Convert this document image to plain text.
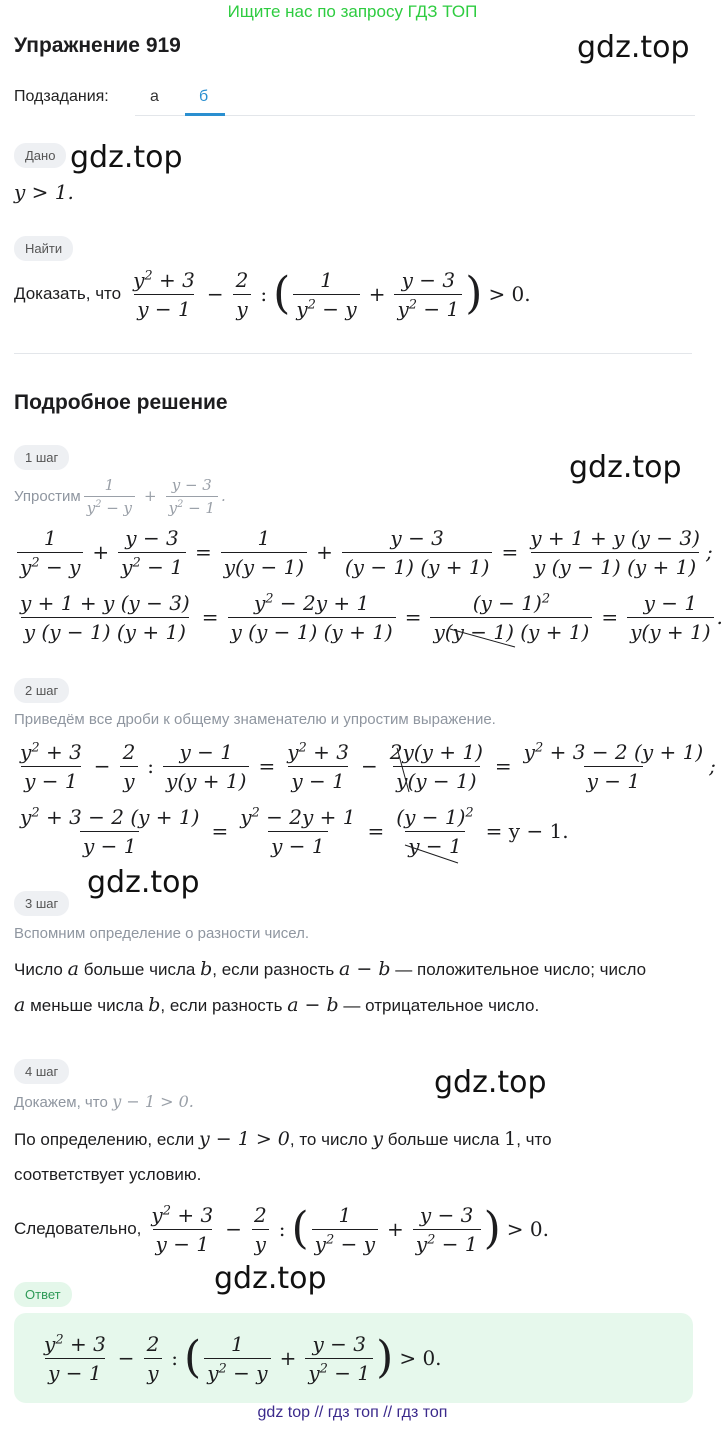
Ищите нас по запросу ГДЗ ТОП
Упражнение 919	gdz.top
Подзадания:	а	б
Дано gdz.top
y > 1.
Найти
Доказать, что $\frac{y^2 + 3}{y - 1} - \frac{2}{y}$ : ( $\frac{1}{y^2 - y} + \frac{y - 3}{y^2 - 1}$ ) > 0.
Подробное решение
1 шаг	gdz.top
Упростим $\frac{1}{y^2 - y} + \frac{y - 3}{y^2 - 1}$ .
$\frac{1}{y^2 - y} + \frac{y - 3}{y^2 - 1} = \frac{1}{y(y - 1)} + \frac{y - 3}{(y - 1) (y + 1)} = \frac{y + 1 + y (y - 3)}{y (y - 1) (y + 1)}$ ;
$\frac{y + 1 + y (y - 3)}{y (y - 1) (y + 1)} = \frac{y^2 - 2y + 1}{y (y - 1) (y + 1)} = \frac{(y - 1)^2}{y(y - 1) (y + 1)} = \frac{y - 1}{y(y + 1)}$ .
2 шаг
Приведём все дроби к общему знаменателю и упростим выражение.
$\frac{y^2 + 3}{y - 1} - \frac{2}{y}$ : $\frac{y - 1}{y(y + 1)} = \frac{y^2 + 3}{y - 1} - \frac{2y(y + 1)}{y(y - 1)} = \frac{y^2 + 3 - 2 (y + 1)}{y - 1}$ ;
$\frac{y^2 + 3 - 2 (y + 1)}{y - 1} = \frac{y^2 - 2y + 1}{y - 1} = \frac{(y - 1)^2}{y - 1} = y - 1$.
gdz.top
3 шаг
Вспомним определение о разности чисел.
Число a больше числа b, если разность a − b — положительное число; число
a меньше числа b, если разность a − b — отрицательное число.
4 шаг	gdz.top
Докажем, что y − 1 > 0.
По определению, если y − 1 > 0, то число y больше числа 1, что
соответствует условию.
Следовательно, $\frac{y^2 + 3}{y - 1} - \frac{2}{y}$ : ( $\frac{1}{y^2 - y} + \frac{y - 3}{y^2 - 1}$ ) > 0.
gdz.top
Ответ
$\frac{y^2 + 3}{y - 1} - \frac{2}{y}$ : ( $\frac{1}{y^2 - y} + \frac{y - 3}{y^2 - 1}$ ) > 0.
gdz top // гдз топ // гдз топ
